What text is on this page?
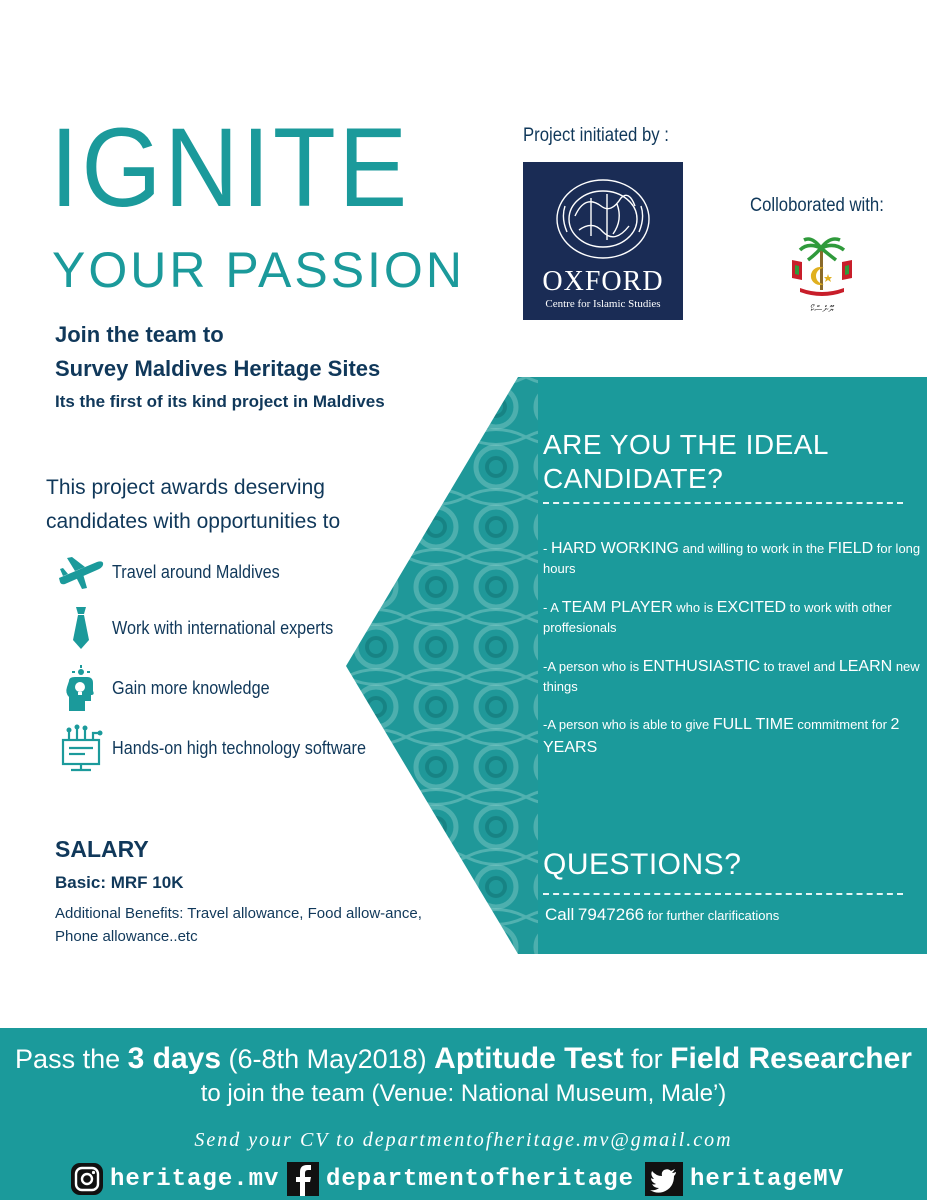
IGNITE
YOUR PASSION
Join the team to
Survey Maldives Heritage Sites
Its the first of its kind project in Maldives
This project awards deserving
candidates with opportunities to
Travel around Maldives
Work with international experts
Gain more knowledge
Hands-on high technology software
SALARY
Basic: MRF 10K
Additional Benefits: Travel allowance, Food allow-ance, Phone allowance..etc
Project initiated by :
OXFORD
Centre for Islamic Studies
Colloborated with:
ޔޫނެސްކޯ
ARE YOU THE IDEAL CANDIDATE?
- HARD WORKING and willing to work in the FIELD for long hours
- A TEAM PLAYER who is EXCITED to work with other proffesionals
-A person who is ENTHUSIASTIC to travel and LEARN new things
-A person who is able to give FULL TIME commitment for 2 YEARS
QUESTIONS?
Call 7947266 for further clarifications
Pass the 3 days (6-8th May2018) Aptitude Test for Field Researcher
to join the team (Venue: National Museum, Male’)
Send your CV to departmentofheritage.mv@gmail.com
heritage.mv departmentofheritage heritageMV
